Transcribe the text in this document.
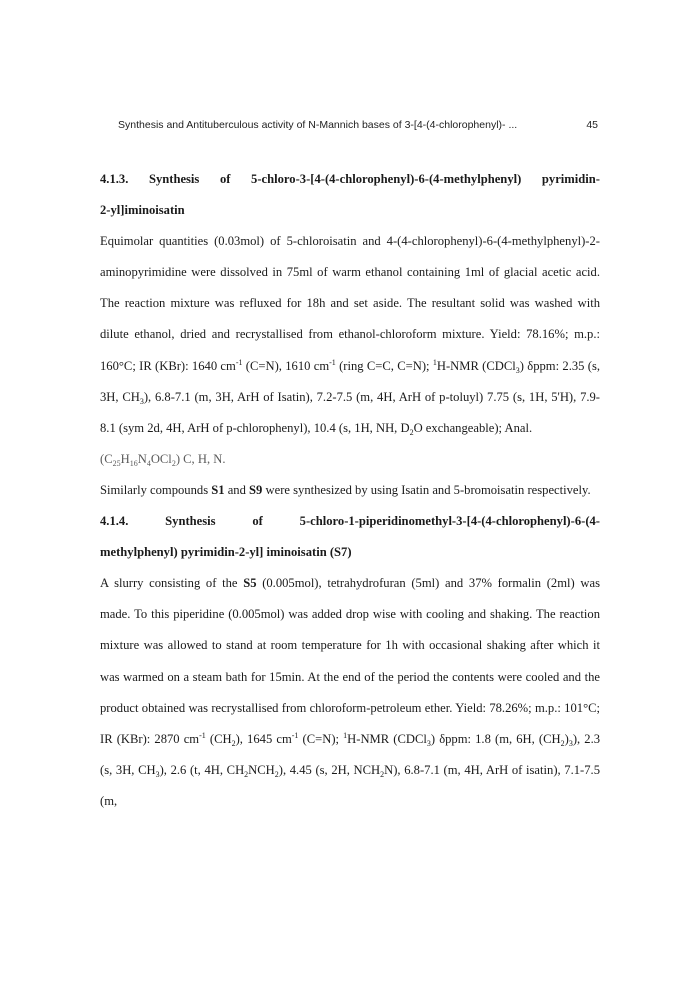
Synthesis and Antituberculous activity of N-Mannich bases of 3-[4-(4-chlorophenyl)- ...	45

4.1.3. Synthesis of 5-chloro-3-[4-(4-chlorophenyl)-6-(4-methylphenyl) pyrimidin-

2-yl]iminoisatin

Equimolar quantities (0.03mol) of 5-chloroisatin and 4-(4-chlorophenyl)-6-(4-methylphenyl)-2-aminopyrimidine were dissolved in 75ml of warm ethanol containing 1ml of glacial acetic acid. The reaction mixture was refluxed for 18h and set aside. The resultant solid was washed with dilute ethanol, dried and recrystallised from ethanol-chloroform mixture. Yield: 78.16%; m.p.: 160°C; IR (KBr): 1640 $cm^{-1}$ (C=N), 1610 $cm^{-1}$ (ring C=C, C=N); $^1$H-NMR (CDCl$_3$) δppm: 2.35 (s, 3H, $CH_3$), 6.8-7.1 (m, 3H, ArH of Isatin), 7.2-7.5 (m, 4H, ArH of p-toluyl) 7.75 (s, 1H, 5'H), 7.9-8.1 (sym 2d, 4H, ArH of p-chlorophenyl), 10.4 (s, 1H, NH, $D_2O$ exchangeable); Anal.
$(C_{25}H_{16}N_4OCl_2)$ C, H, N.

Similarly compounds S1 and S9 were synthesized by using Isatin and 5-bromoisatin respectively.

4.1.4. Synthesis of 5-chloro-1-piperidinomethyl-3-[4-(4-chlorophenyl)-6-(4-

methylphenyl) pyrimidin-2-yl] iminoisatin (S7)

A slurry consisting of the S5 (0.005mol), tetrahydrofuran (5ml) and 37% formalin (2ml) was made. To this piperidine (0.005mol) was added drop wise with cooling and shaking. The reaction mixture was allowed to stand at room temperature for 1h with occasional shaking after which it was warmed on a steam bath for 15min. At the end of the period the contents were cooled and the product obtained was recrystallised from chloroform-petroleum ether. Yield: 78.26%; m.p.: 101°C; IR (KBr): 2870 $cm^{-1}$ $(CH_2)$, 1645 $cm^{-1}$ (C=N); $^1$H-NMR (CDCl$_3$) δppm: 1.8 (m, 6H, $(CH_2)_3$), 2.3 (s, 3H, $CH_3$), 2.6 (t, 4H, $CH_2NCH_2$), 4.45 (s, 2H, $NCH_2N$), 6.8-7.1 (m, 4H, ArH of isatin), 7.1-7.5 (m,
